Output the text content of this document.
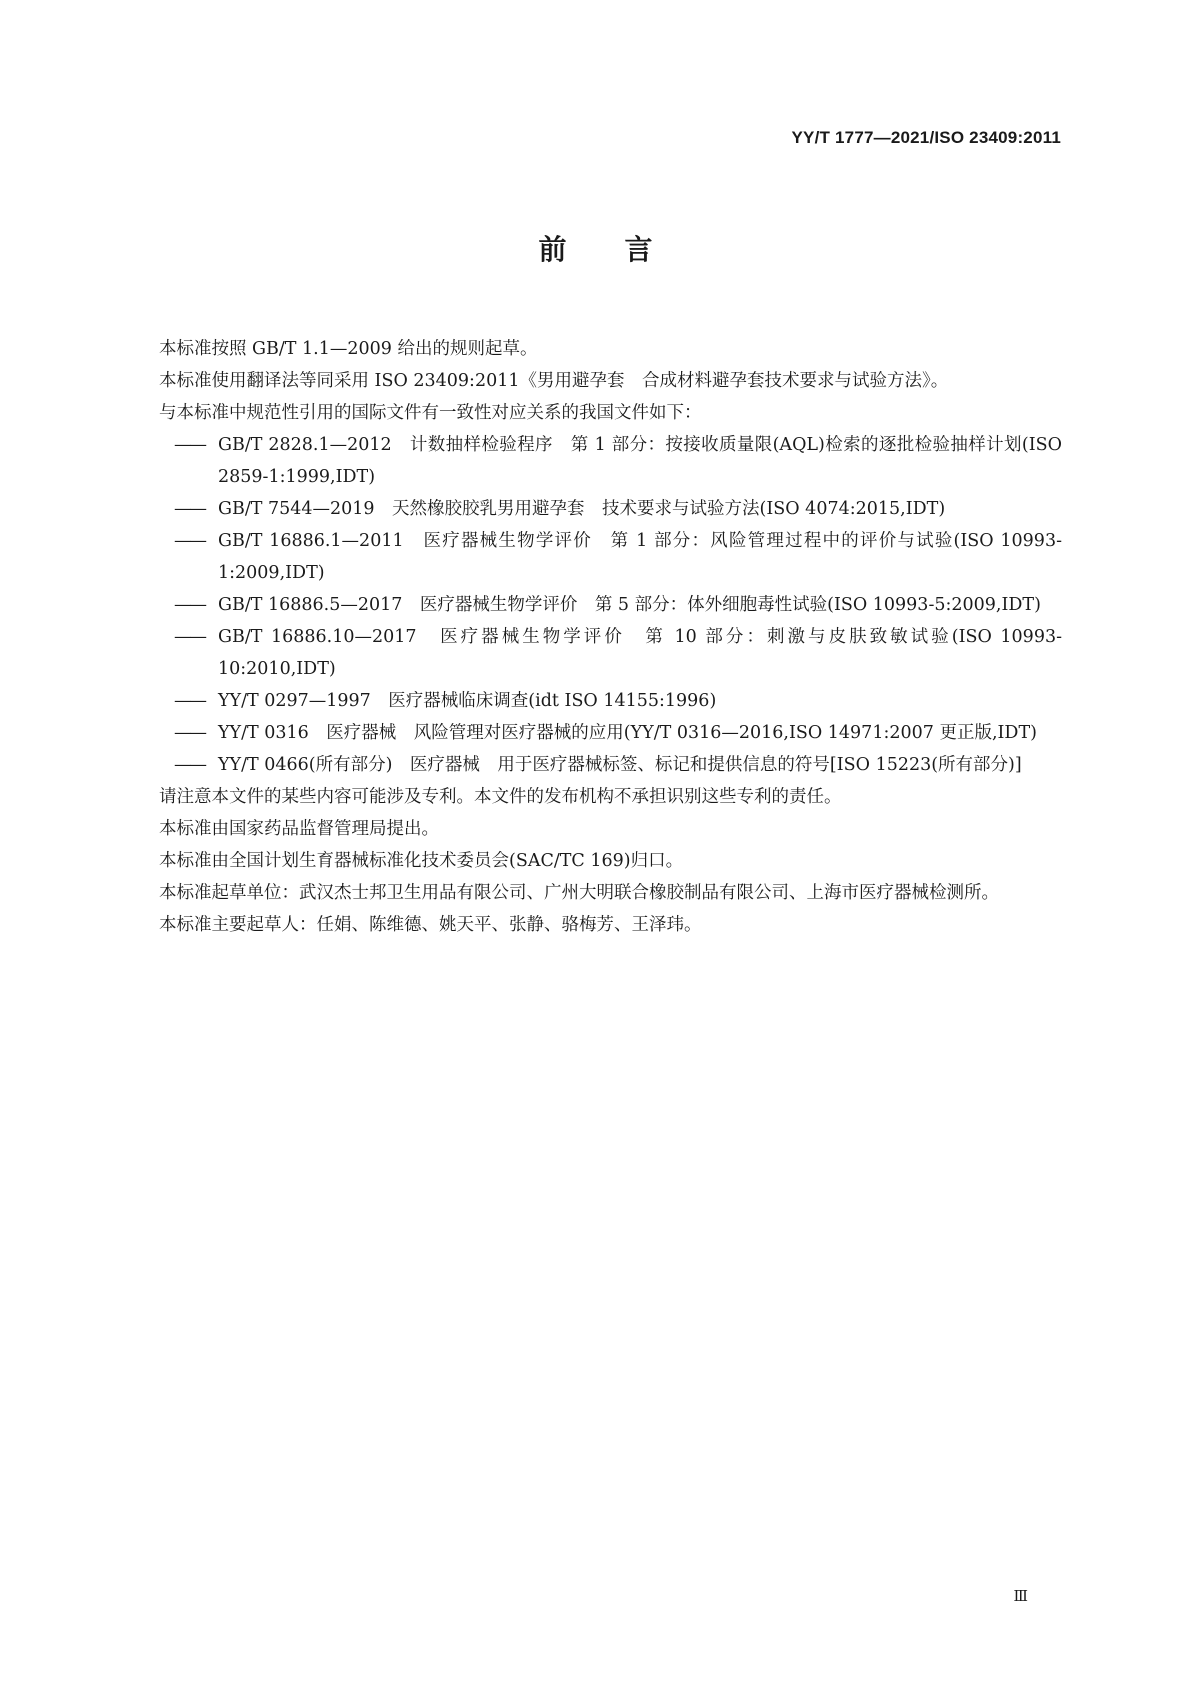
YY/T 1777—2021/ISO 23409:2011
前言

本标准按照 GB/T 1.1—2009 给出的规则起草。

本标准使用翻译法等同采用 ISO 23409:2011《男用避孕套　合成材料避孕套技术要求与试验方法》。

与本标准中规范性引用的国际文件有一致性对应关系的我国文件如下：

—— GB/T 2828.1—2012　计数抽样检验程序　第 1 部分：按接收质量限(AQL)检索的逐批检验抽样计划(ISO 2859-1:1999,IDT)
—— GB/T 7544—2019　天然橡胶胶乳男用避孕套　技术要求与试验方法(ISO 4074:2015,IDT)
—— GB/T 16886.1—2011　医疗器械生物学评价　第 1 部分：风险管理过程中的评价与试验(ISO 10993-1:2009,IDT)
—— GB/T 16886.5—2017　医疗器械生物学评价　第 5 部分：体外细胞毒性试验(ISO 10993-5:2009,IDT)
—— GB/T 16886.10—2017　医疗器械生物学评价　第 10 部分：刺激与皮肤致敏试验(ISO 10993-10:2010,IDT)
—— YY/T 0297—1997　医疗器械临床调查(idt ISO 14155:1996)
—— YY/T 0316　医疗器械　风险管理对医疗器械的应用(YY/T 0316—2016,ISO 14971:2007 更正版,IDT)
—— YY/T 0466(所有部分)　医疗器械　用于医疗器械标签、标记和提供信息的符号[ISO 15223(所有部分)]

请注意本文件的某些内容可能涉及专利。本文件的发布机构不承担识别这些专利的责任。

本标准由国家药品监督管理局提出。

本标准由全国计划生育器械标准化技术委员会(SAC/TC 169)归口。

本标准起草单位：武汉杰士邦卫生用品有限公司、广州大明联合橡胶制品有限公司、上海市医疗器械检测所。

本标准主要起草人：任娟、陈维德、姚天平、张静、骆梅芳、王泽玮。

Ⅲ
